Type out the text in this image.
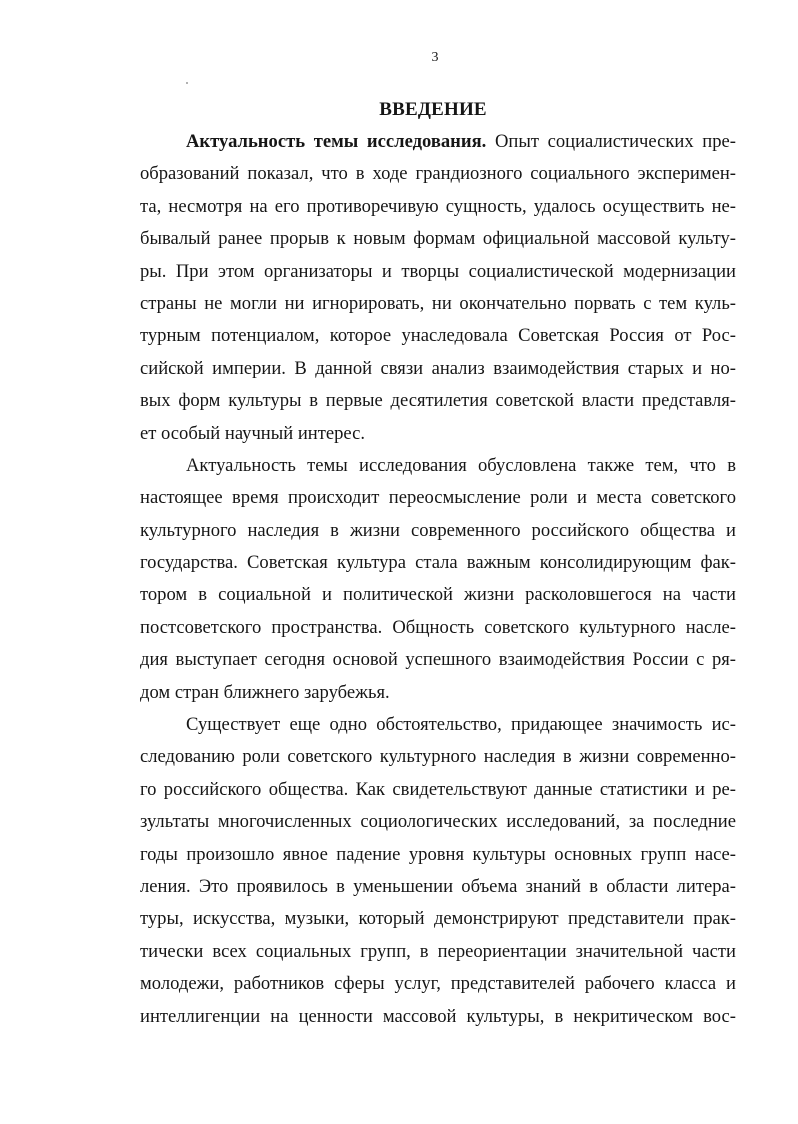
3
ВВЕДЕНИЕ
Актуальность темы исследования. Опыт социалистических пре-
образований показал, что в ходе грандиозного социального эксперимен-
та, несмотря на его противоречивую сущность, удалось осуществить не-
бывалый ранее прорыв к новым формам официальной массовой культу-
ры. При этом организаторы и творцы социалистической модернизации
страны не могли ни игнорировать, ни окончательно порвать с тем куль-
турным потенциалом, которое унаследовала Советская Россия от Рос-
сийской империи. В данной связи анализ взаимодействия старых и но-
вых форм культуры в первые десятилетия советской власти представля-
ет особый научный интерес.
Актуальность темы исследования обусловлена также тем, что в
настоящее время происходит переосмысление роли и места советского
культурного наследия в жизни современного российского общества и
государства. Советская культура стала важным консолидирующим фак-
тором в социальной и политической жизни расколовшегося на части
постсоветского пространства. Общность советского культурного насле-
дия выступает сегодня основой успешного взаимодействия России с ря-
дом стран ближнего зарубежья.
Существует еще одно обстоятельство, придающее значимость ис-
следованию роли советского культурного наследия в жизни современно-
го российского общества. Как свидетельствуют данные статистики и ре-
зультаты многочисленных социологических исследований, за последние
годы произошло явное падение уровня культуры основных групп насе-
ления. Это проявилось в уменьшении объема знаний в области литера-
туры, искусства, музыки, который демонстрируют представители прак-
тически всех социальных групп, в переориентации значительной части
молодежи, работников сферы услуг, представителей рабочего класса и
интеллигенции на ценности массовой культуры, в некритическом вос-
